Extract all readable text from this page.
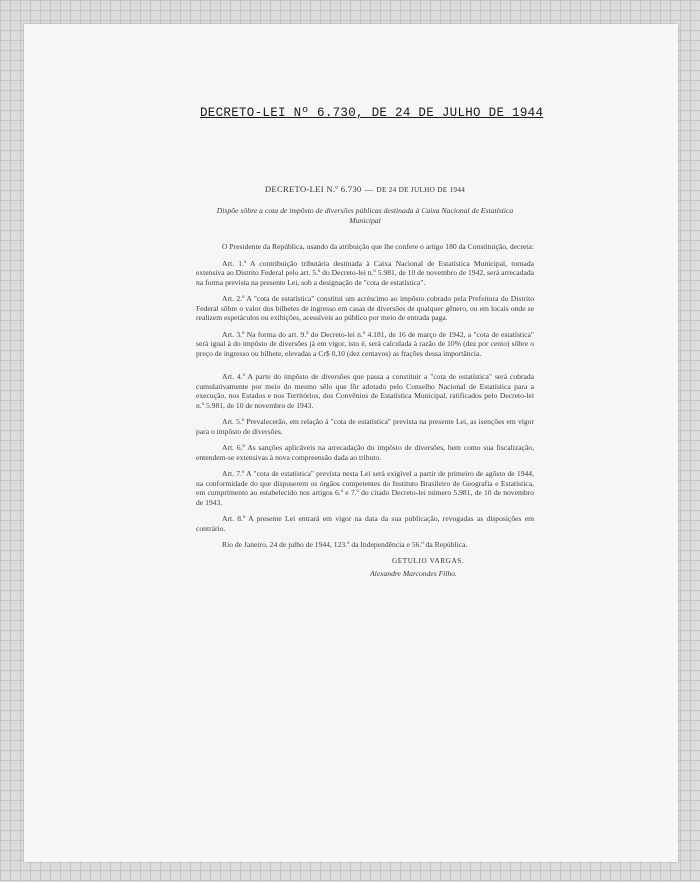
DECRETO-LEI Nº 6.730, DE 24 DE JULHO DE 1944
DECRETO-LEI N.º 6.730 — DE 24 DE JULHO DE 1944
Dispõe sôbre a cota de impôsto de diversões públicas destinada à Caixa Nacional de Estatística Municipal

O Presidente da República, usando da atribuição que lhe confere o artigo 180 da Constituição, decreta:

Art. 1.º A contribuição tributária destinada à Caixa Nacional de Estatística Municipal, tornada extensiva ao Distrito Federal pelo art. 5.º do Decreto-lei n.º 5.981, de 10 de novembro de 1942, será arrecadada na forma prevista na presente Lei, sob a designação de "cota de estatística".

Art. 2.º A "cota de estatística" constitui um acréscimo ao impôsto cobrado pela Prefeitura do Distrito Federal sôbre o valor dos bilhetes de ingresso em casas de diversões de qualquer gênero, ou em locais onde se realizem espetáculos ou exibições, acessíveis ao público por meio de entrada paga.

Art. 3.º Na forma do art. 9.º do Decreto-lei n.º 4.181, de 16 de março de 1942, a "cota de estatística" será igual à do impôsto de diversões já em vigor, isto é, será calculada à razão de 10% (dez por cento) sôbre o preço de ingresso ou bilhete, elevadas a Cr$ 0,10 (dez centavos) as frações dessa importância.

Art. 4.º A parte do impôsto de diversões que passa a constituir a "cota de estatística" será cobrada cumulativamente por meio do mesmo sêlo que fôr adotado pelo Conselho Nacional de Estatística para a execução, nos Estados e nos Territórios, dos Convênios de Estatística Municipal, ratificados pelo Decreto-lei n.º 5.981, de 10 de novembro de 1943.

Art. 5.º Prevalecerão, em relação à "cota de estatística" prevista na presente Lei, as isenções em vigor para o impôsto de diversões.

Art. 6.º As sanções aplicáveis na arrecadação do impôsto de diversões, bem como sua fiscalização, entendem-se extensivas à nova compreensão dada ao tributo.

Art. 7.º A "cota de estatística" prevista nesta Lei será exigível a partir de primeiro de agôsto de 1944, na conformidade do que dispuserem os órgãos competentes do Instituto Brasileiro de Geografia e Estatística, em cumprimento ao estabelecido nos artigos 6.º e 7.º do citado Decreto-lei número 5.981, de 10 de novembro de 1943.

Art. 8.º A presente Lei entrará em vigor na data da sua publicação, revogadas as disposições em contrário.

Rio de Janeiro, 24 de julho de 1944, 123.º da Independência e 56.º da República.

GETULIO VARGAS.
Alexandre Marcondes Filho.
